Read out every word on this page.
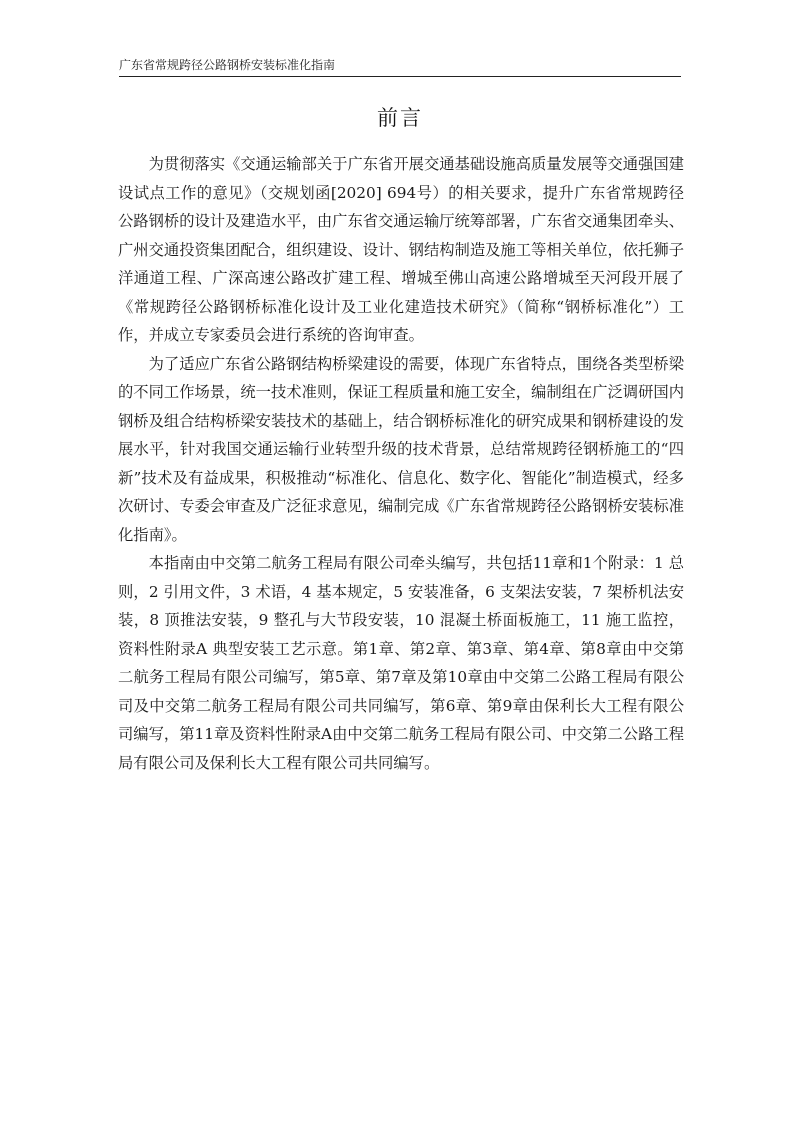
广东省常规跨径公路钢桥安装标准化指南
前言

为贯彻落实《交通运输部关于广东省开展交通基础设施高质量发展等交通强国建设试点工作的意见》（交规划函[2020] 694号）的相关要求，提升广东省常规跨径公路钢桥的设计及建造水平，由广东省交通运输厅统筹部署，广东省交通集团牵头、广州交通投资集团配合，组织建设、设计、钢结构制造及施工等相关单位，依托狮子洋通道工程、广深高速公路改扩建工程、增城至佛山高速公路增城至天河段开展了《常规跨径公路钢桥标准化设计及工业化建造技术研究》（简称“钢桥标准化”）工作，并成立专家委员会进行系统的咨询审查。

为了适应广东省公路钢结构桥梁建设的需要，体现广东省特点，围绕各类型桥梁的不同工作场景，统一技术准则，保证工程质量和施工安全，编制组在广泛调研国内钢桥及组合结构桥梁安装技术的基础上，结合钢桥标准化的研究成果和钢桥建设的发展水平，针对我国交通运输行业转型升级的技术背景，总结常规跨径钢桥施工的“四新”技术及有益成果，积极推动“标准化、信息化、数字化、智能化”制造模式，经多次研讨、专委会审查及广泛征求意见，编制完成《广东省常规跨径公路钢桥安装标准化指南》。

本指南由中交第二航务工程局有限公司牵头编写，共包括11章和1个附录：1 总则，2 引用文件，3 术语，4 基本规定，5 安装准备，6 支架法安装，7 架桥机法安装，8 顶推法安装，9 整孔与大节段安装，10 混凝土桥面板施工，11 施工监控，资料性附录A 典型安装工艺示意。第1章、第2章、第3章、第4章、第8章由中交第二航务工程局有限公司编写，第5章、第7章及第10章由中交第二公路工程局有限公司及中交第二航务工程局有限公司共同编写，第6章、第9章由保利长大工程有限公司编写，第11章及资料性附录A由中交第二航务工程局有限公司、中交第二公路工程局有限公司及保利长大工程有限公司共同编写。
